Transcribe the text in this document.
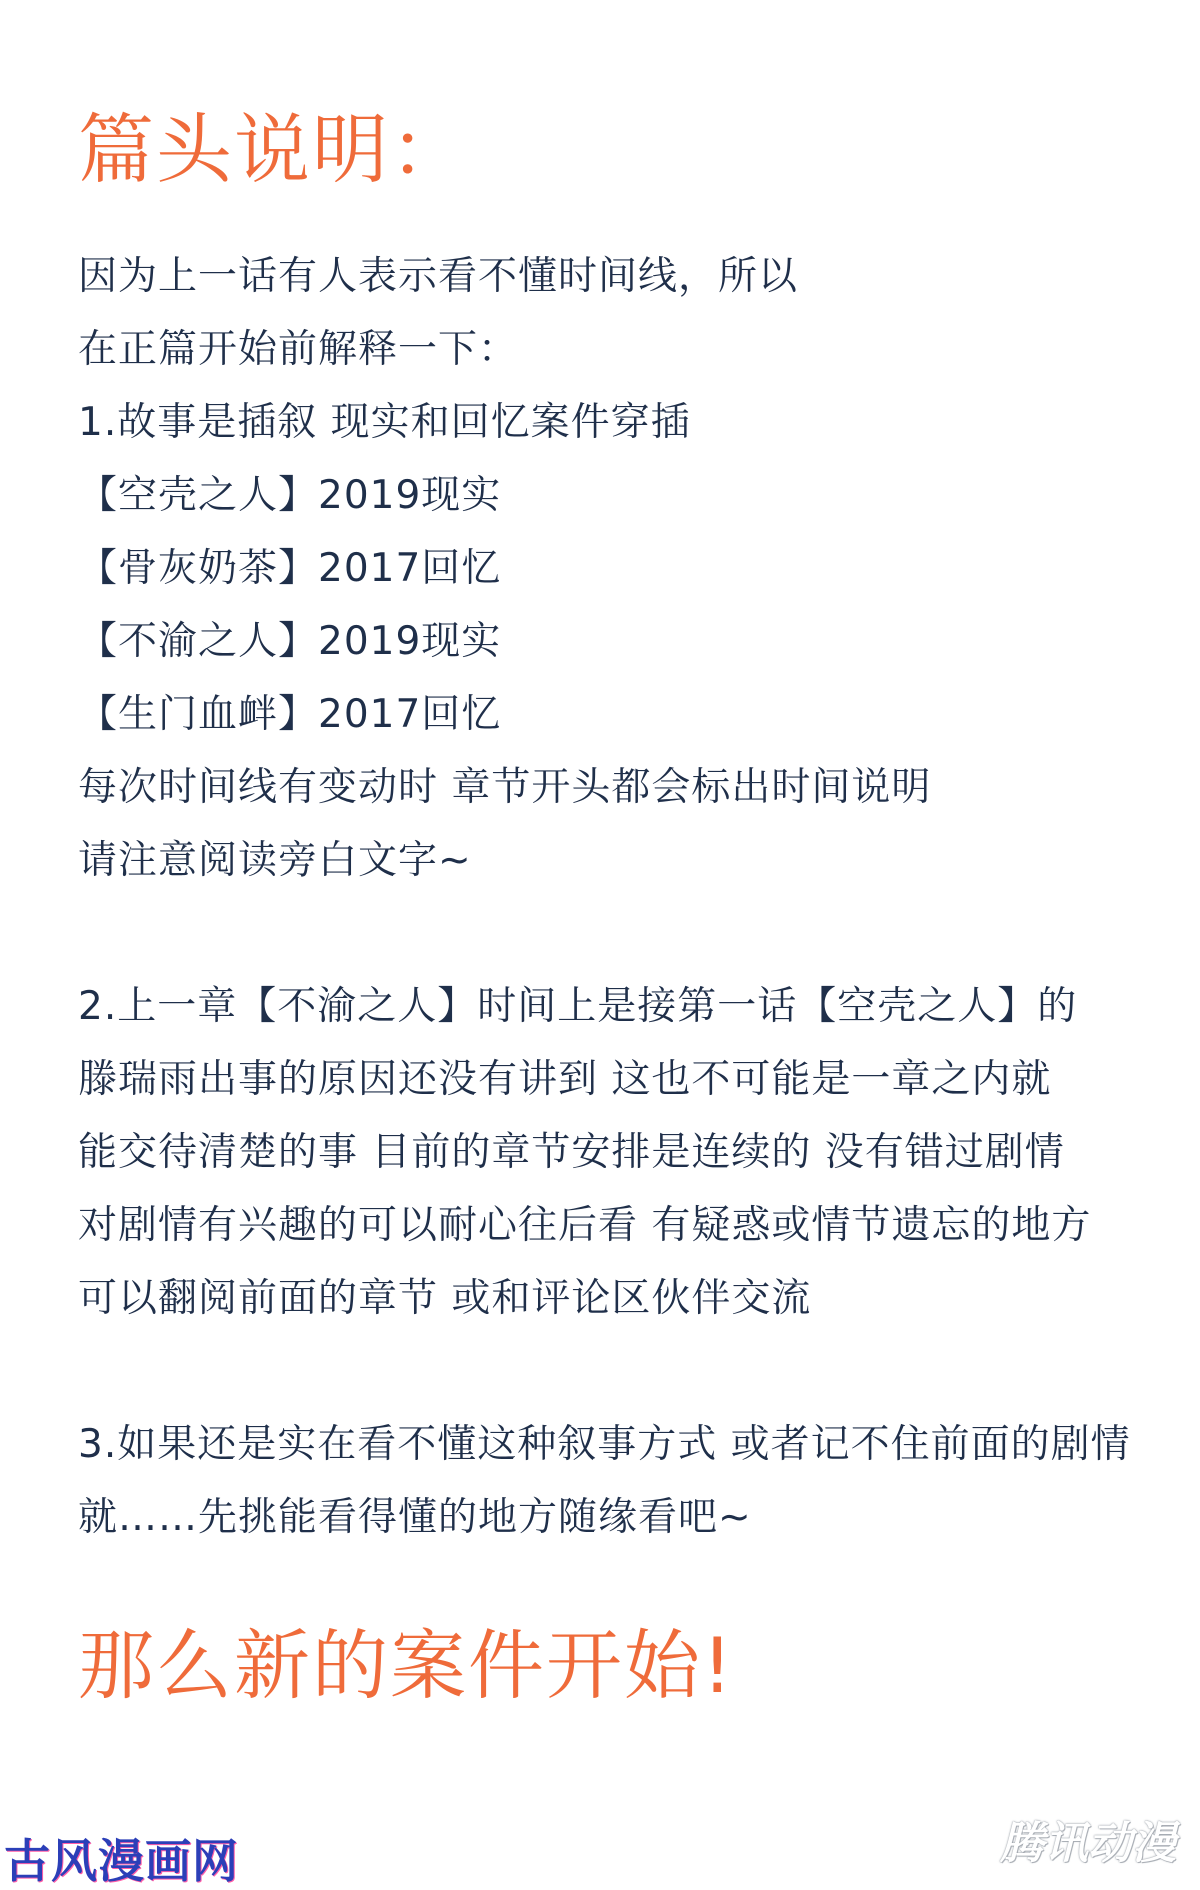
篇头说明：
因为上一话有人表示看不懂时间线，所以
在正篇开始前解释一下：
1.故事是插叙 现实和回忆案件穿插
【空壳之人】2019现实
【骨灰奶茶】2017回忆
【不渝之人】2019现实
【生门血衅】2017回忆
每次时间线有变动时 章节开头都会标出时间说明
请注意阅读旁白文字~
2.上一章【不渝之人】时间上是接第一话【空壳之人】的
滕瑞雨出事的原因还没有讲到 这也不可能是一章之内就
能交待清楚的事 目前的章节安排是连续的 没有错过剧情
对剧情有兴趣的可以耐心往后看 有疑惑或情节遗忘的地方
可以翻阅前面的章节 或和评论区伙伴交流
3.如果还是实在看不懂这种叙事方式 或者记不住前面的剧情
就……先挑能看得懂的地方随缘看吧~
那么新的案件开始!
古风漫画网	腾讯动漫
